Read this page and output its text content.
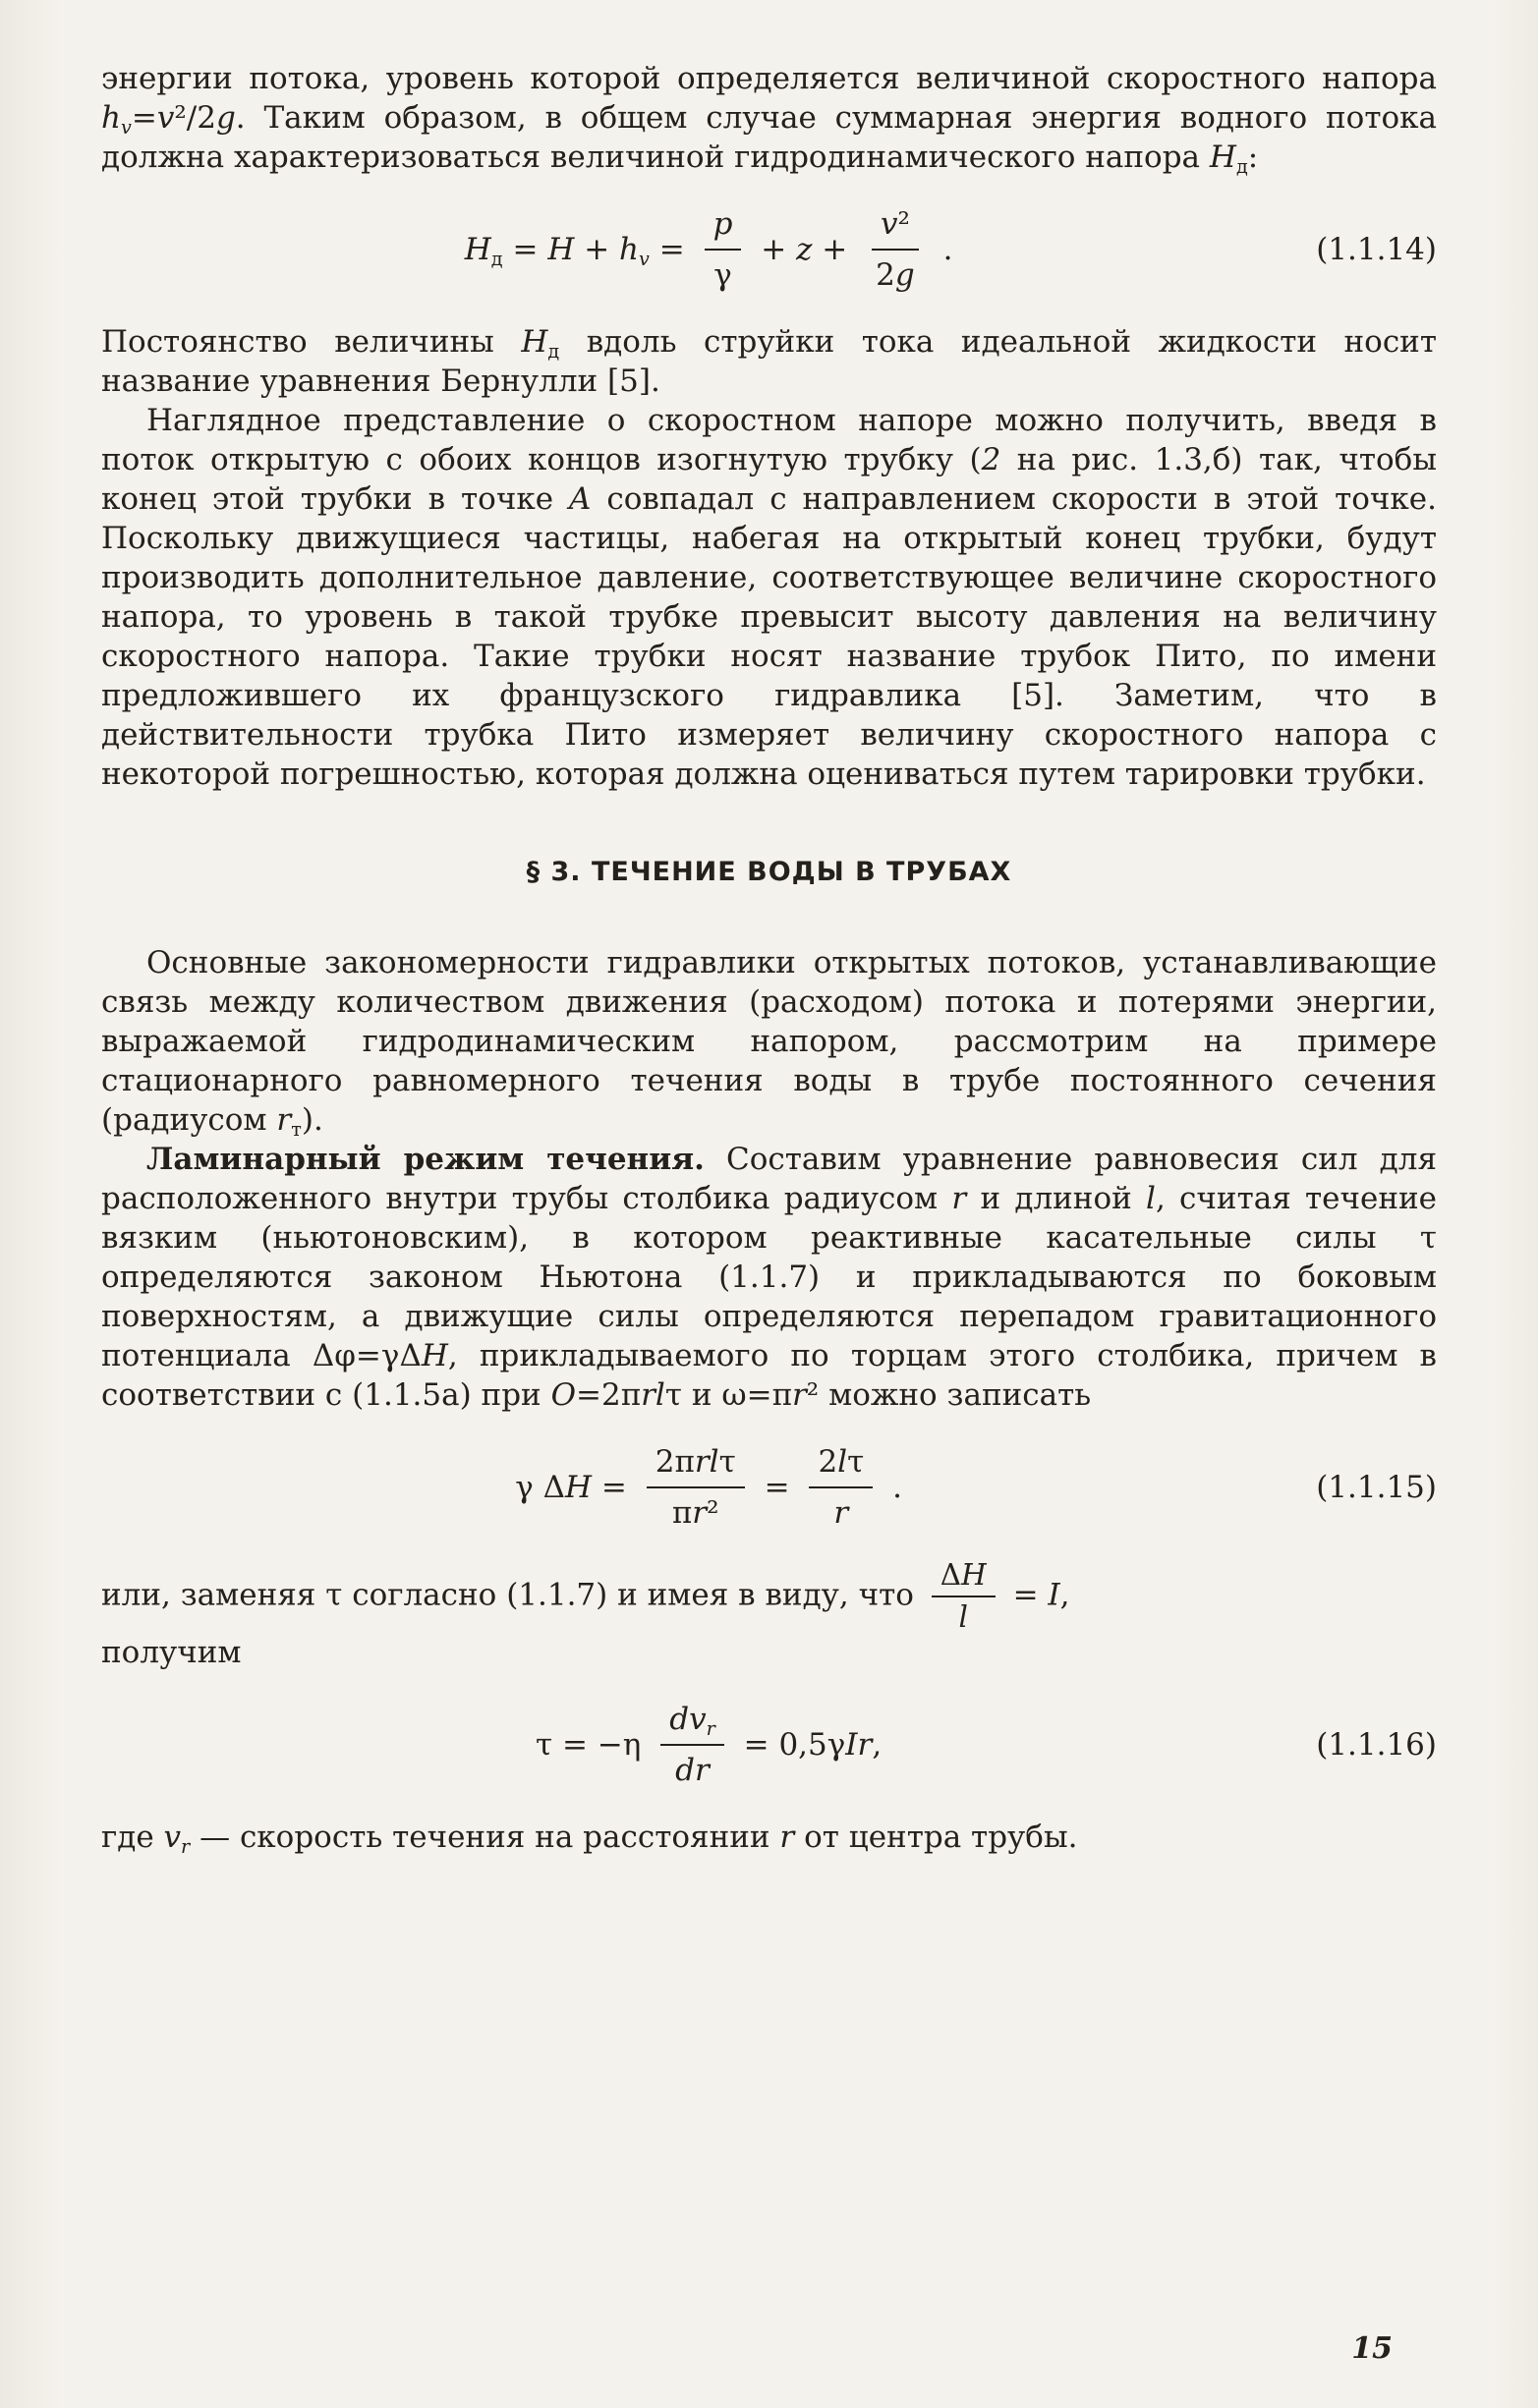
энергии потока, уровень которой определяется величиной скоростного напора $h_v=v^2/2g$. Таким образом, в общем случае суммарная энергия водного потока должна характеризоваться величиной гидродинамического напора $H_д$:

$H_д = H + h_v = \frac{p}{\gamma} + z + \frac{\text{v²}}{2g}$ .	(1.1.14)

Постоянство величины $H_д$ вдоль струйки тока идеальной жидкости носит название уравнения Бернулли [5].

Наглядное представление о скоростном напоре можно получить, введя в поток открытую с обоих концов изогнутую трубку (2 на рис. 1.3,б) так, чтобы конец этой трубки в точке A совпадал с направлением скорости в этой точке. Поскольку движущиеся частицы, набегая на открытый конец трубки, будут производить дополнительное давление, соответствующее величине скоростного напора, то уровень в такой трубке превысит высоту давления на величину скоростного напора. Такие трубки носят название трубок Пито, по имени предложившего их французского гидравлика [5]. Заметим, что в действительности трубка Пито измеряет величину скоростного напора с некоторой погрешностью, которая должна оцениваться путем тарировки трубки.

§ 3. ТЕЧЕНИЕ ВОДЫ В ТРУБАХ

Основные закономерности гидравлики открытых потоков, устанавливающие связь между количеством движения (расходом) потока и потерями энергии, выражаемой гидродинамическим напором, рассмотрим на примере стационарного равномерного течения воды в трубе постоянного сечения (радиусом $r_т$).

Ламинарный режим течения. Составим уравнение равновесия сил для расположенного внутри трубы столбика радиусом r и длиной l, считая течение вязким (ньютоновским), в котором реактивные касательные силы τ определяются законом Ньютона (1.1.7) и прикладываются по боковым поверхностям, а движущие силы определяются перепадом гравитационного потенциала Δφ=γΔH, прикладываемого по торцам этого столбика, причем в соответствии с (1.1.5а) при O=2πrlτ и ω=πr² можно записать

γ $\Delta H = \frac{\text{2πrlτ}}{\text{πr²}} = \frac{2l\tau}{r}$ .	(1.1.15)

или, заменяя τ согласно (1.1.7) и имея в виду, что $\frac{\Delta H}{l} = I$,
получим

$\tau = -\eta \frac{dv_r}{dr} = 0,5\gamma Ir$,	(1.1.16)

где $v_r$ — скорость течения на расстоянии r от центра трубы.

15
